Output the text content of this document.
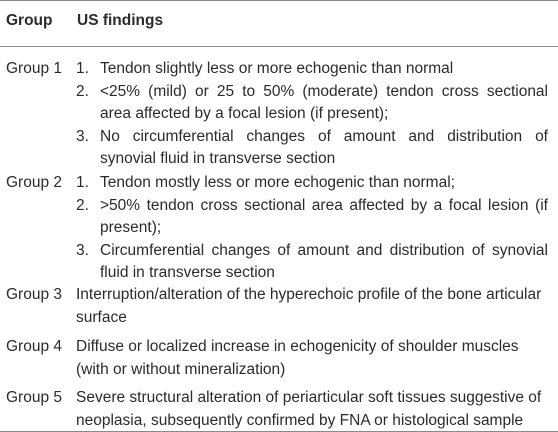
Group US findings
Group 1 1. Tendon slightly less or more echogenic than normal
2. <25% (mild) or 25 to 50% (moderate) tendon cross sectional area affected by a focal lesion (if present);
3. No circumferential changes of amount and distribution of synovial fluid in transverse section
Group 2 1. Tendon mostly less or more echogenic than normal;
2. >50% tendon cross sectional area affected by a focal lesion (if present);
3. Circumferential changes of amount and distribution of synovial fluid in transverse section
Group 3 Interruption/alteration of the hyperechoic profile of the bone articular surface
Group 4 Diffuse or localized increase in echogenicity of shoulder muscles (with or without mineralization)
Group 5 Severe structural alteration of periarticular soft tissues suggestive of neoplasia, subsequently confirmed by FNA or histological sample
